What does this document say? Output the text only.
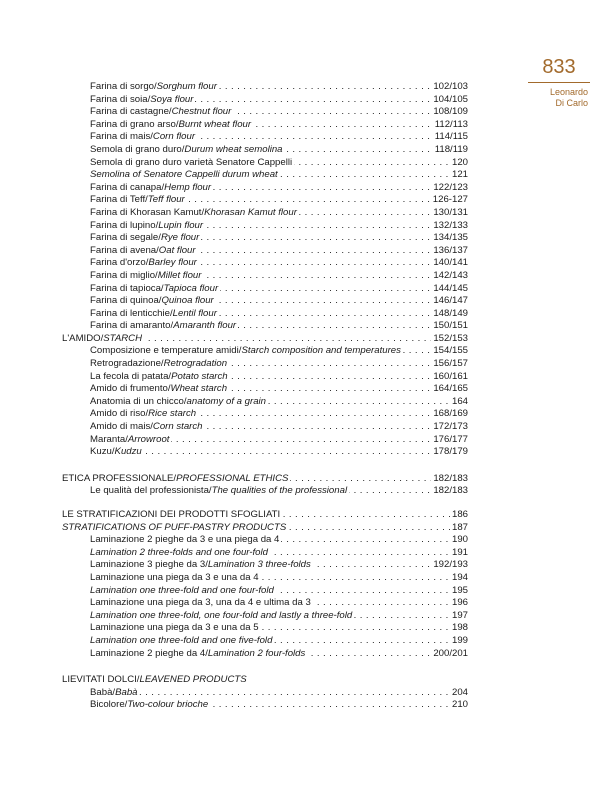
833
Leonardo
Di Carlo
Farina di sorgo/Sorghum flour	102/103
. . .
Farina di soia/Soya flour	104/105
. . .
Farina di castagne/Chestnut flour	108/109
. . .
Farina di grano arso/Burnt wheat flour	112/113
. . .
Farina di mais/Corn flour	114/115
. . .
Semola di grano duro/Durum wheat semolina	118/119
. . .
Semola di grano duro varietà Senatore Cappelli	120
. . .
Semolina of Senatore Cappelli durum wheat	121
. . .
Farina di canapa/Hemp flour	122/123
. . .
Farina di Teff/Teff flour	126-127
. . .
Farina di Khorasan Kamut/Khorasan Kamut flour	130/131
. . .
Farina di lupino/Lupin flour	132/133
. . .
Farina di segale/Rye flour	134/135
. . .
Farina di avena/Oat flour	136/137
. . .
Farina d'orzo/Barley flour	140/141
. . .
Farina di miglio/Millet flour	142/143
. . .
Farina di tapioca/Tapioca flour	144/145
. . .
Farina di quinoa/Quinoa flour	146/147
. . .
Farina di lenticchie/Lentil flour	148/149
. . .
Farina di amaranto/Amaranth flour	150/151
. . .
L'AMIDO/STARCH	152/153
. . .
Composizione e temperature amidi/Starch composition and temperatures	154/155
. . .
Retrogradazione/Retrogradation	156/157
. . .
La fecola di patata/Potato starch	160/161
. . .
Amido di frumento/Wheat starch	164/165
. . .
Anatomia di un chicco/anatomy of a grain	164
. . .
Amido di riso/Rice starch	168/169
. . .
Amido di mais/Corn starch	172/173
. . .
Maranta/Arrowroot	176/177
. . .
Kuzu/Kudzu	178/179
. . .
ETICA PROFESSIONALE/PROFESSIONAL ETHICS	182/183
. . .
Le qualità del professionista/The qualities of the professional	182/183
. . .
LE STRATIFICAZIONI DEI PRODOTTI SFOGLIATI	186
. . .
STRATIFICATIONS OF PUFF-PASTRY PRODUCTS	187
. . .
Laminazione 2 pieghe da 3 e una piega da 4	190
. . .
Lamination 2 three-folds and one four-fold	191
. . .
Laminazione 3 pieghe da 3/Lamination 3 three-folds	192/193
. . .
Laminazione una piega da 3 e una da 4	194
. . .
Lamination one three-fold and one four-fold	195
. . .
Laminazione una piega da 3, una da 4 e ultima da 3	196
. . .
Lamination one three-fold, one four-fold and lastly a three-fold	197
. . .
Laminazione una piega da 3 e una da 5	198
. . .
Lamination one three-fold and one five-fold	199
. . .
Laminazione 2 pieghe da 4/Lamination 2 four-folds	200/201
. . .
LIEVITATI DOLCI/LEAVENED PRODUCTS
Babà/Babà	204
. . .
Bicolore/Two-colour brioche	210
. . .
